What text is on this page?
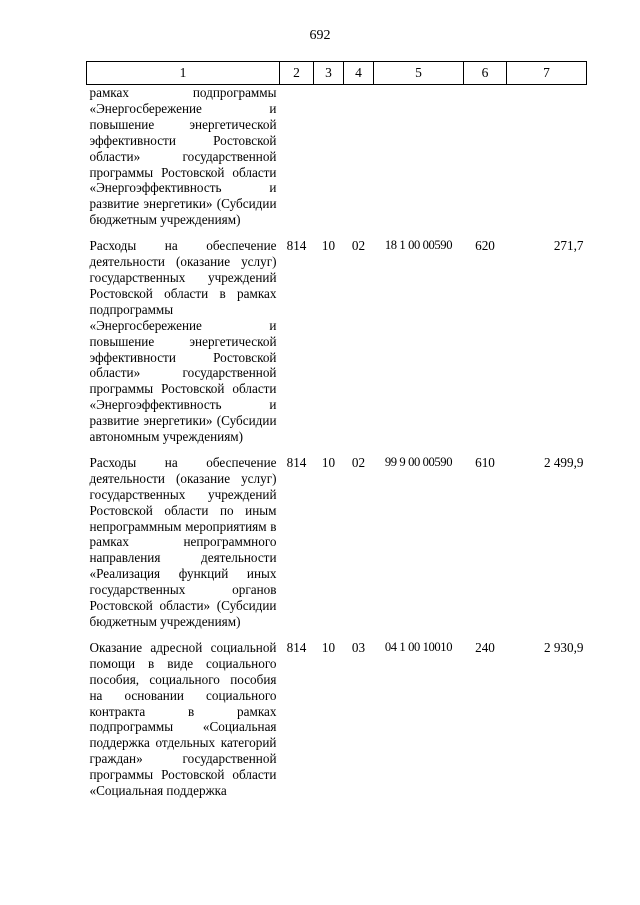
692
1	2	3	4	5	6	7
рамках подпрограммы «Энергосбережение и повышение энергетической эффективности Ростовской области» государственной программы Ростовской области «Энергоэффективность и развитие энергетики» (Субсидии бюджетным учреждениям)						
Расходы на обеспечение деятельности (оказание услуг) государственных учреждений Ростовской области в рамках подпрограммы «Энергосбережение и повышение энергетической эффективности Ростовской области» государственной программы Ростовской области «Энергоэффективность и развитие энергетики» (Субсидии автономным учреждениям)	814	10	02	18 1 00 00590	620	271,7
Расходы на обеспечение деятельности (оказание услуг) государственных учреждений Ростовской области по иным непрограммным мероприятиям в рамках непрограммного направления деятельности «Реализация функций иных государственных органов Ростовской области» (Субсидии бюджетным учреждениям)	814	10	02	99 9 00 00590	610	2 499,9
Оказание адресной социальной помощи в виде социального пособия, социального пособия на основании социального контракта в рамках подпрограммы «Социальная поддержка отдельных категорий граждан» государственной программы Ростовской области «Социальная поддержка	814	10	03	04 1 00 10010	240	2 930,9
